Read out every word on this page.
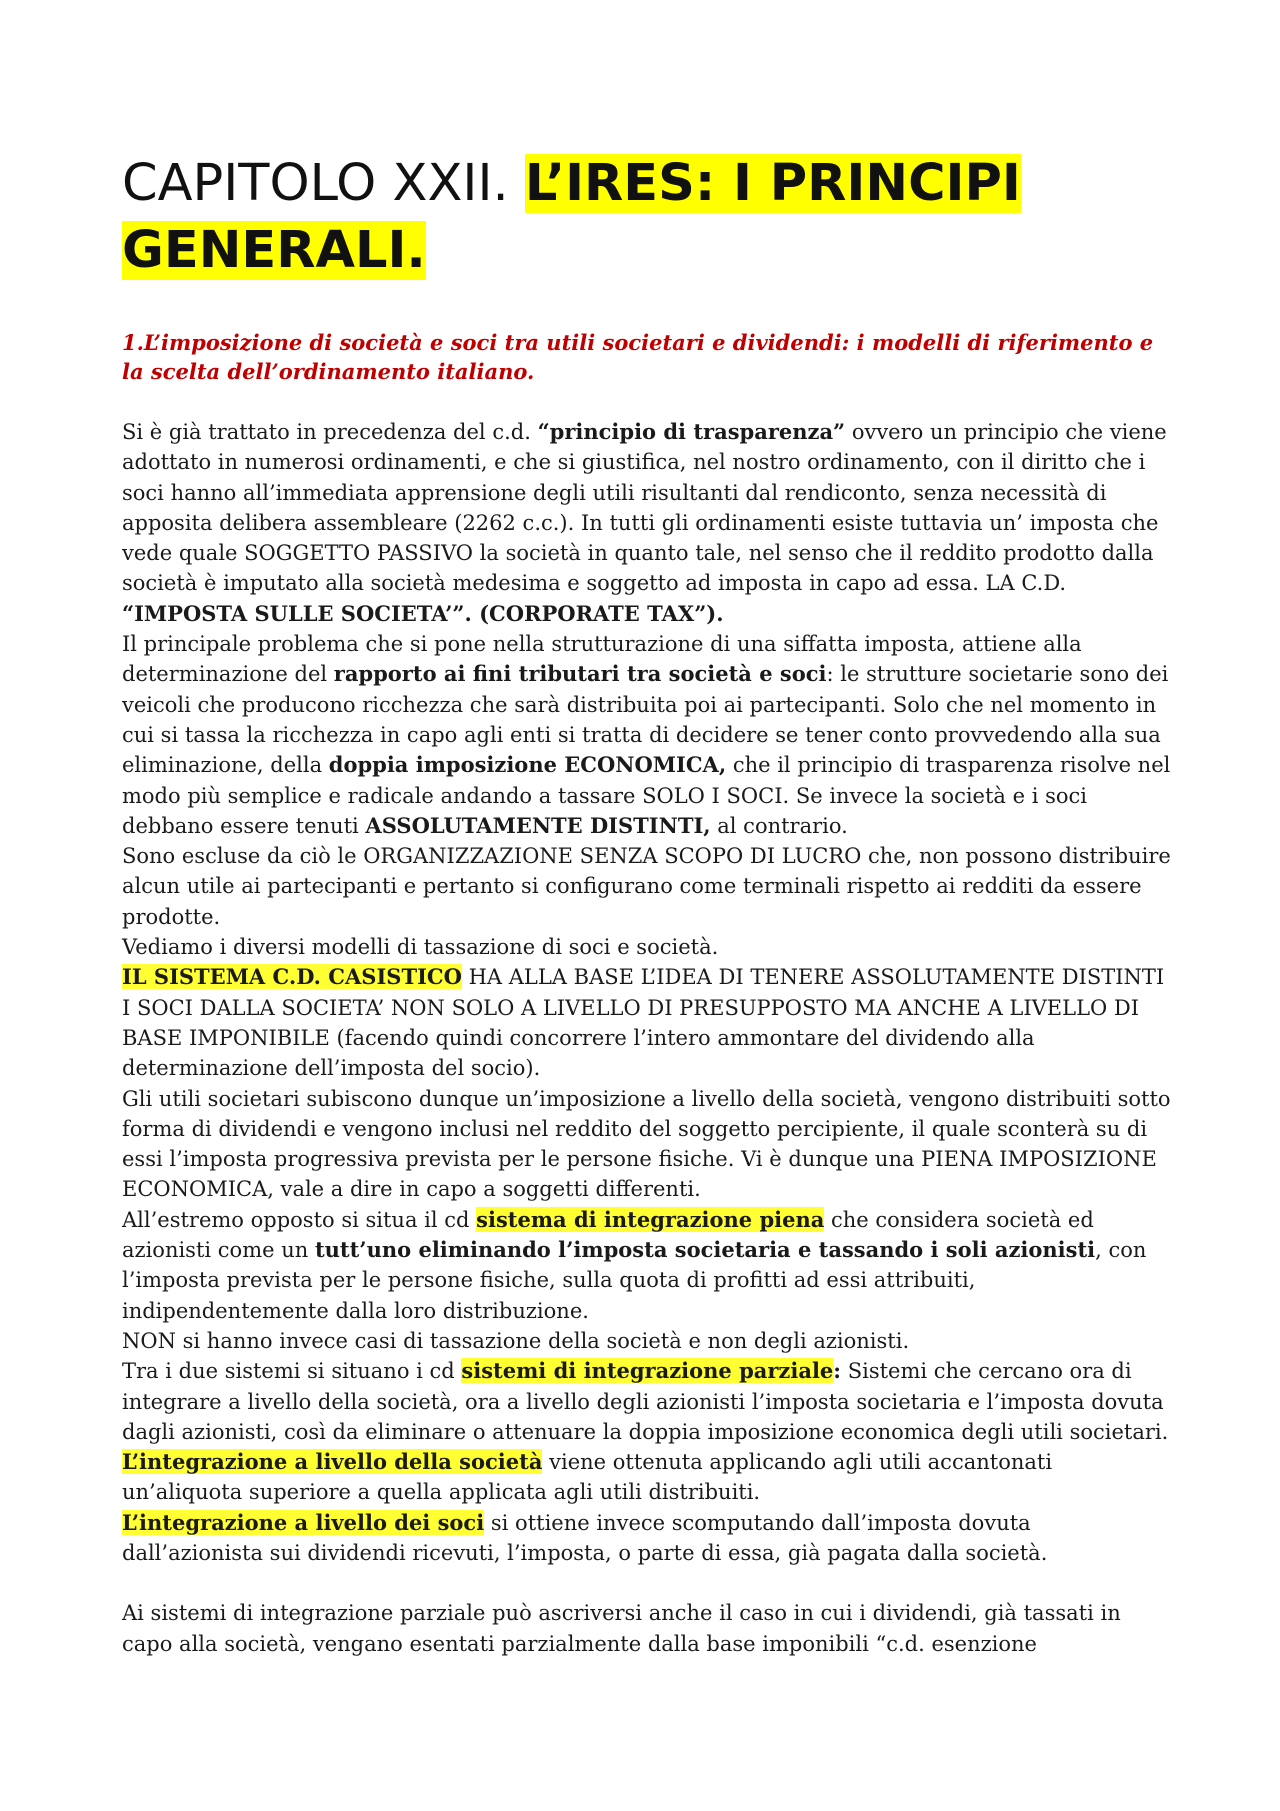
CAPITOLO XXII. L’IRES: I PRINCIPI GENERALI.

1.L’imposizione di società e soci tra utili societari e dividendi: i modelli di riferimento e la scelta dell’ordinamento italiano.

Si è già trattato in precedenza del c.d. “principio di trasparenza” ovvero un principio che viene adottato in numerosi ordinamenti, e che si giustifica, nel nostro ordinamento, con il diritto che i soci hanno all’immediata apprensione degli utili risultanti dal rendiconto, senza necessità di apposita delibera assembleare (2262 c.c.). In tutti gli ordinamenti esiste tuttavia un’ imposta che vede quale SOGGETTO PASSIVO la società in quanto tale, nel senso che il reddito prodotto dalla società è imputato alla società medesima e soggetto ad imposta in capo ad essa. LA C.D. “IMPOSTA SULLE SOCIETA’”. (CORPORATE TAX”).

Il principale problema che si pone nella strutturazione di una siffatta imposta, attiene alla determinazione del rapporto ai fini tributari tra società e soci: le strutture societarie sono dei veicoli che producono ricchezza che sarà distribuita poi ai partecipanti. Solo che nel momento in cui si tassa la ricchezza in capo agli enti si tratta di decidere se tener conto provvedendo alla sua eliminazione, della doppia imposizione ECONOMICA, che il principio di trasparenza risolve nel modo più semplice e radicale andando a tassare SOLO I SOCI. Se invece la società e i soci debbano essere tenuti ASSOLUTAMENTE DISTINTI, al contrario.

Sono escluse da ciò le ORGANIZZAZIONE SENZA SCOPO DI LUCRO che, non possono distribuire alcun utile ai partecipanti e pertanto si configurano come terminali rispetto ai redditi da essere prodotte.

Vediamo i diversi modelli di tassazione di soci e società.

IL SISTEMA C.D. CASISTICO HA ALLA BASE L’IDEA DI TENERE ASSOLUTAMENTE DISTINTI I SOCI DALLA SOCIETA’ NON SOLO A LIVELLO DI PRESUPPOSTO MA ANCHE A LIVELLO DI BASE IMPONIBILE (facendo quindi concorrere l’intero ammontare del dividendo alla determinazione dell’imposta del socio).

Gli utili societari subiscono dunque un’imposizione a livello della società, vengono distribuiti sotto forma di dividendi e vengono inclusi nel reddito del soggetto percipiente, il quale sconterà su di essi l’imposta progressiva prevista per le persone fisiche. Vi è dunque una PIENA IMPOSIZIONE ECONOMICA, vale a dire in capo a soggetti differenti.

All’estremo opposto si situa il cd sistema di integrazione piena che considera società ed azionisti come un tutt’uno eliminando l’imposta societaria e tassando i soli azionisti, con l’imposta prevista per le persone fisiche, sulla quota di profitti ad essi attribuiti, indipendentemente dalla loro distribuzione.

NON si hanno invece casi di tassazione della società e non degli azionisti.

Tra i due sistemi si situano i cd sistemi di integrazione parziale: Sistemi che cercano ora di integrare a livello della società, ora a livello degli azionisti l’imposta societaria e l’imposta dovuta dagli azionisti, così da eliminare o attenuare la doppia imposizione economica degli utili societari.

L’integrazione a livello della società viene ottenuta applicando agli utili accantonati un’aliquota superiore a quella applicata agli utili distribuiti.

L’integrazione a livello dei soci si ottiene invece scomputando dall’imposta dovuta dall’azionista sui dividendi ricevuti, l’imposta, o parte di essa, già pagata dalla società.

Ai sistemi di integrazione parziale può ascriversi anche il caso in cui i dividendi, già tassati in capo alla società, vengano esentati parzialmente dalla base imponibili “c.d. esenzione
